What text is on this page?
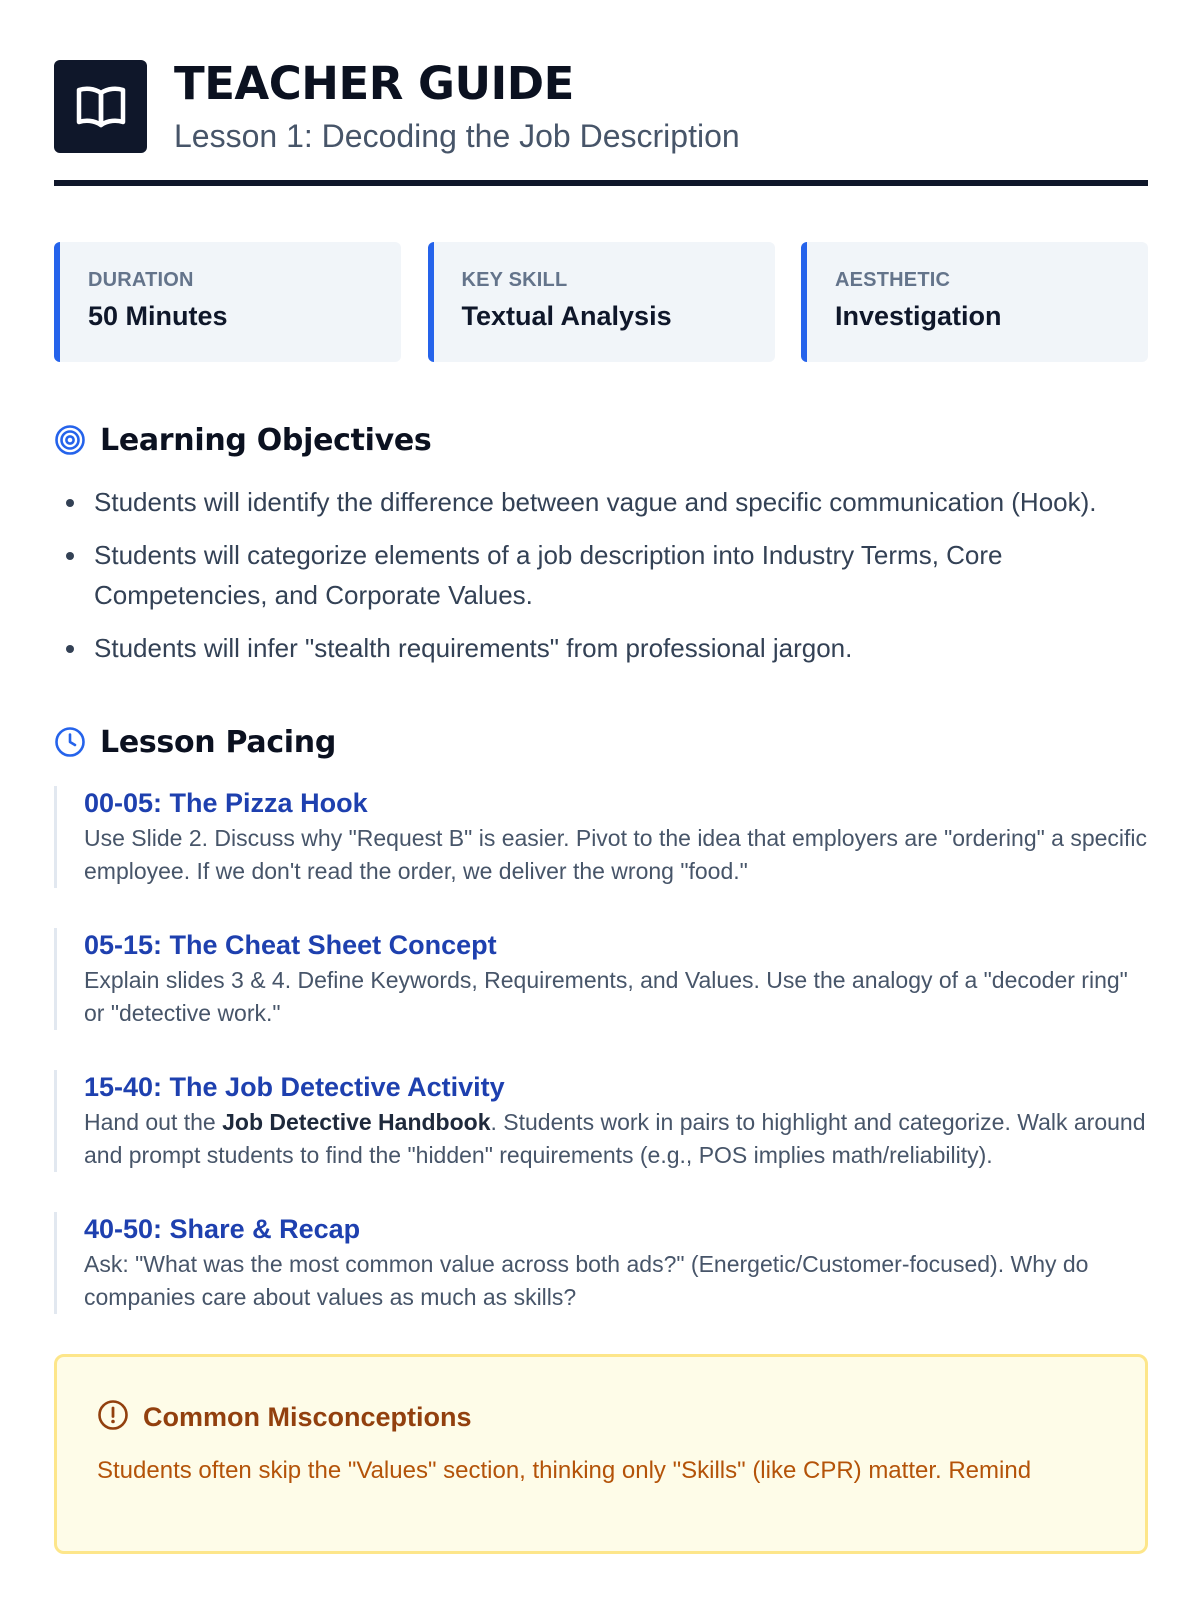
TEACHER GUIDE
Lesson 1: Decoding the Job Description
DURATION
50 Minutes
KEY SKILL
Textual Analysis
AESTHETIC
Investigation
Learning Objectives
Students will identify the difference between vague and specific communication (Hook).
Students will categorize elements of a job description into Industry Terms, Core Competencies, and Corporate Values.
Students will infer "stealth requirements" from professional jargon.
Lesson Pacing
00-05: The Pizza Hook
Use Slide 2. Discuss why "Request B" is easier. Pivot to the idea that employers are "ordering" a specific employee. If we don't read the order, we deliver the wrong "food."
05-15: The Cheat Sheet Concept
Explain slides 3 & 4. Define Keywords, Requirements, and Values. Use the analogy of a "decoder ring" or "detective work."
15-40: The Job Detective Activity
Hand out the Job Detective Handbook. Students work in pairs to highlight and categorize. Walk around and prompt students to find the "hidden" requirements (e.g., POS implies math/reliability).
40-50: Share & Recap
Ask: "What was the most common value across both ads?" (Energetic/Customer-focused). Why do companies care about values as much as skills?
Common Misconceptions
Students often skip the "Values" section, thinking only "Skills" (like CPR) matter. Remind
